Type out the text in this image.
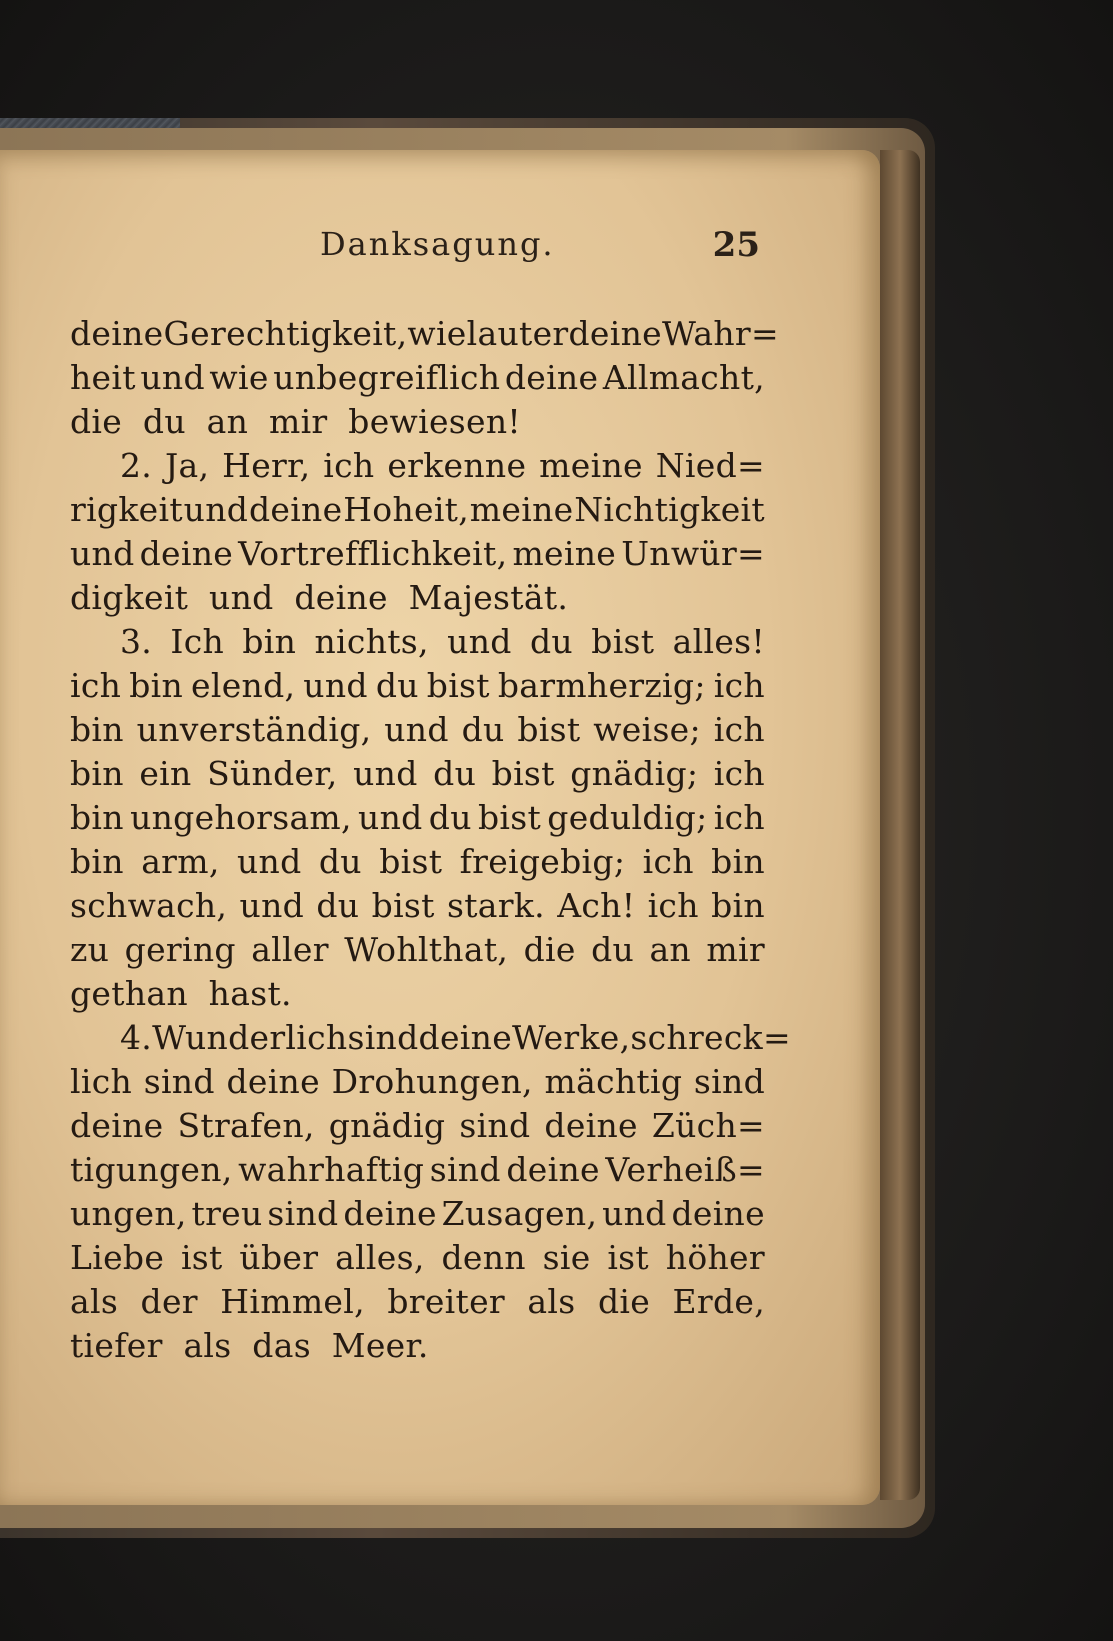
Danksagung.	25
deine Gerechtigkeit, wie lauter deine Wahr=
heit und wie unbegreiflich deine Allmacht,
die du an mir bewiesen!
2. Ja, Herr, ich erkenne meine Nied=
rigkeit und deine Hoheit, meine Nichtigkeit
und deine Vortrefflichkeit, meine Unwür=
digkeit und deine Majestät.
3. Ich bin nichts, und du bist alles!
ich bin elend, und du bist barmherzig; ich
bin unverständig, und du bist weise; ich
bin ein Sünder, und du bist gnädig; ich
bin ungehorsam, und du bist geduldig; ich
bin arm, und du bist freigebig; ich bin
schwach, und du bist stark. Ach! ich bin
zu gering aller Wohlthat, die du an mir
gethan hast.
4. Wunderlich sind deine Werke, schreck=
lich sind deine Drohungen, mächtig sind
deine Strafen, gnädig sind deine Züch=
tigungen, wahrhaftig sind deine Verheiß=
ungen, treu sind deine Zusagen, und deine
Liebe ist über alles, denn sie ist höher
als der Himmel, breiter als die Erde,
tiefer als das Meer.
